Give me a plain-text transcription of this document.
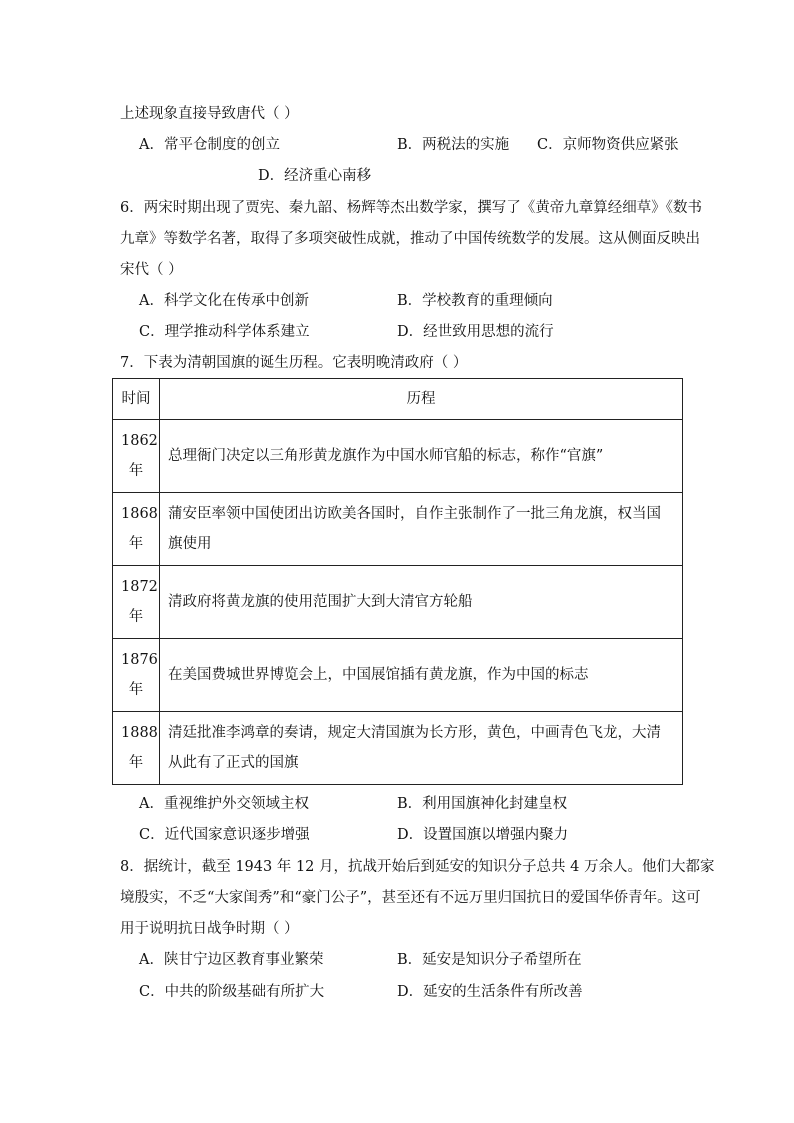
上述现象直接导致唐代（ ）
A．常平仓制度的创立	B．两税法的实施 C．京师物资供应紧张
D．经济重心南移
6．两宋时期出现了贾宪、秦九韶、杨辉等杰出数学家，撰写了《黄帝九章算经细草》《数书
九章》等数学名著，取得了多项突破性成就，推动了中国传统数学的发展。这从侧面反映出
宋代（ ）
A．科学文化在传承中创新	B．学校教育的重理倾向
C．理学推动科学体系建立	D．经世致用思想的流行
7．下表为清朝国旗的诞生历程。它表明晚清政府（ ）
时间	历程

1862
年	总理衙门决定以三角形黄龙旗作为中国水师官船的标志，称作“官旗”

1868
年	蒲安臣率领中国使团出访欧美各国时，自作主张制作了一批三角龙旗，权当国旗使用

1872
年	清政府将黄龙旗的使用范围扩大到大清官方轮船

1876
年	在美国费城世界博览会上，中国展馆插有黄龙旗，作为中国的标志

1888
年	清廷批准李鸿章的奏请，规定大清国旗为长方形，黄色，中画青色飞龙，大清从此有了正式的国旗
A．重视维护外交领域主权	B．利用国旗神化封建皇权
C．近代国家意识逐步增强	D．设置国旗以增强内聚力
8．据统计，截至 1943 年 12 月，抗战开始后到延安的知识分子总共 4 万余人。他们大都家
境殷实，不乏“大家闺秀”和“豪门公子”，甚至还有不远万里归国抗日的爱国华侨青年。这可
用于说明抗日战争时期（ ）
A．陕甘宁边区教育事业繁荣	B．延安是知识分子希望所在
C．中共的阶级基础有所扩大	D．延安的生活条件有所改善
